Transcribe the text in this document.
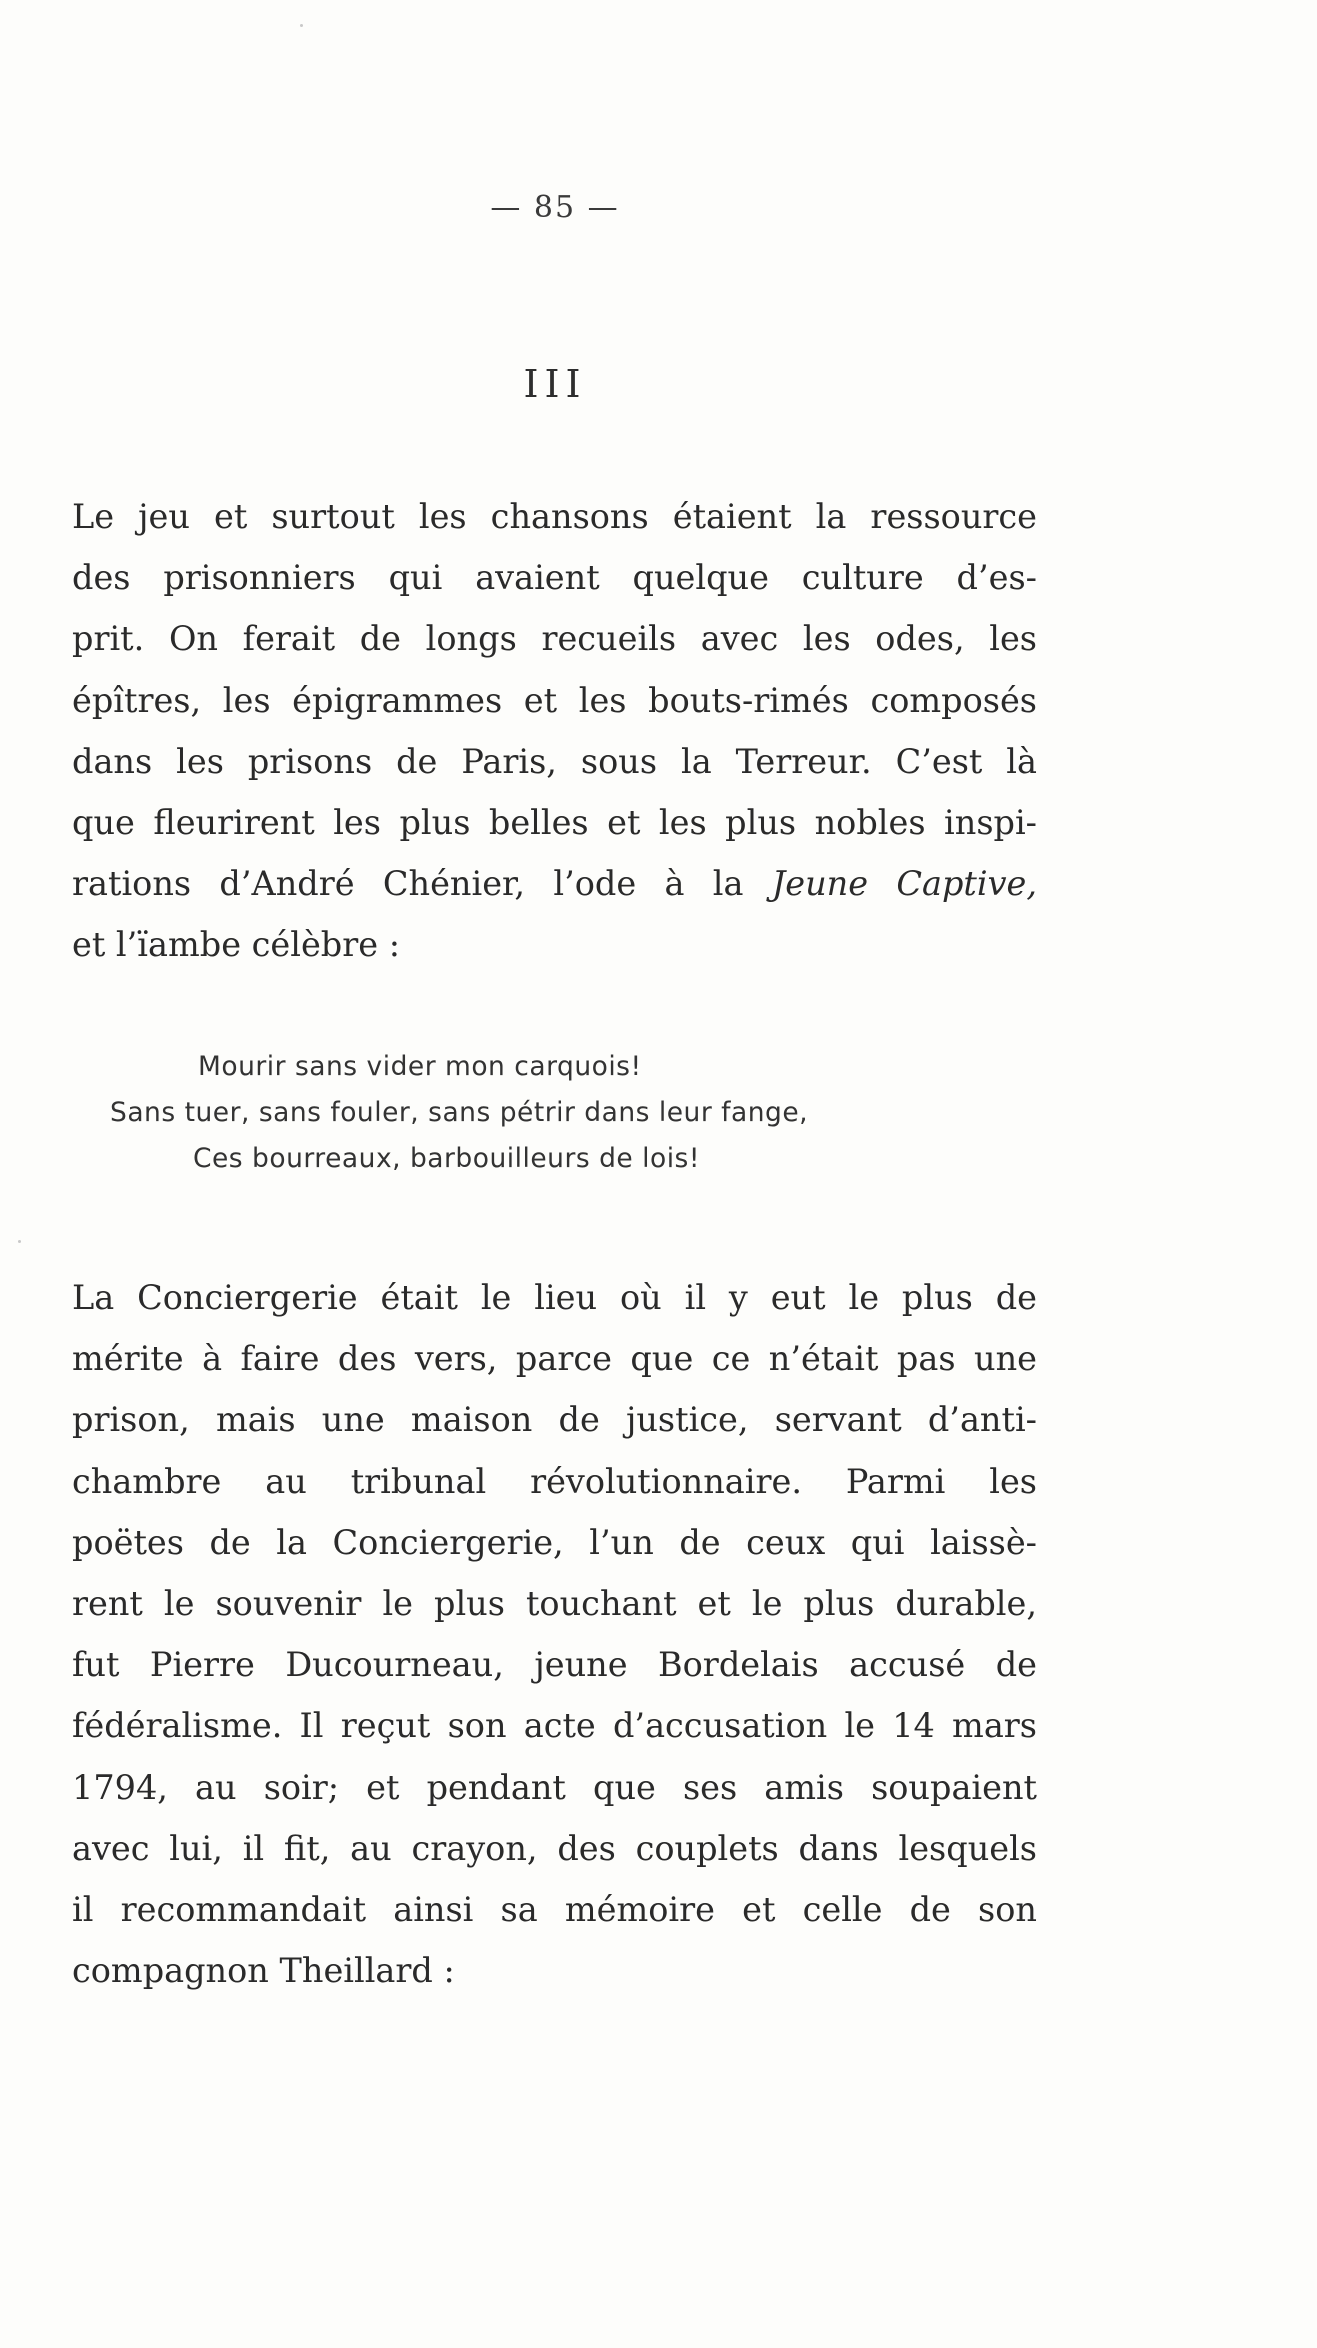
— 85 —
III
Le jeu et surtout les chansons étaient la ressource
des prisonniers qui avaient quelque culture d’es-
prit. On ferait de longs recueils avec les odes, les
épîtres, les épigrammes et les bouts-rimés composés
dans les prisons de Paris, sous la Terreur. C’est là
que fleurirent les plus belles et les plus nobles inspi-
rations d’André Chénier, l’ode à la Jeune Captive,
et l’ïambe célèbre :
Mourir sans vider mon carquois!
Sans tuer, sans fouler, sans pétrir dans leur fange,
Ces bourreaux, barbouilleurs de lois!
La Conciergerie était le lieu où il y eut le plus de
mérite à faire des vers, parce que ce n’était pas une
prison, mais une maison de justice, servant d’anti-
chambre au tribunal révolutionnaire. Parmi les
poëtes de la Conciergerie, l’un de ceux qui laissè-
rent le souvenir le plus touchant et le plus durable,
fut Pierre Ducourneau, jeune Bordelais accusé de
fédéralisme. Il reçut son acte d’accusation le 14 mars
1794, au soir; et pendant que ses amis soupaient
avec lui, il fit, au crayon, des couplets dans lesquels
il recommandait ainsi sa mémoire et celle de son
compagnon Theillard :
